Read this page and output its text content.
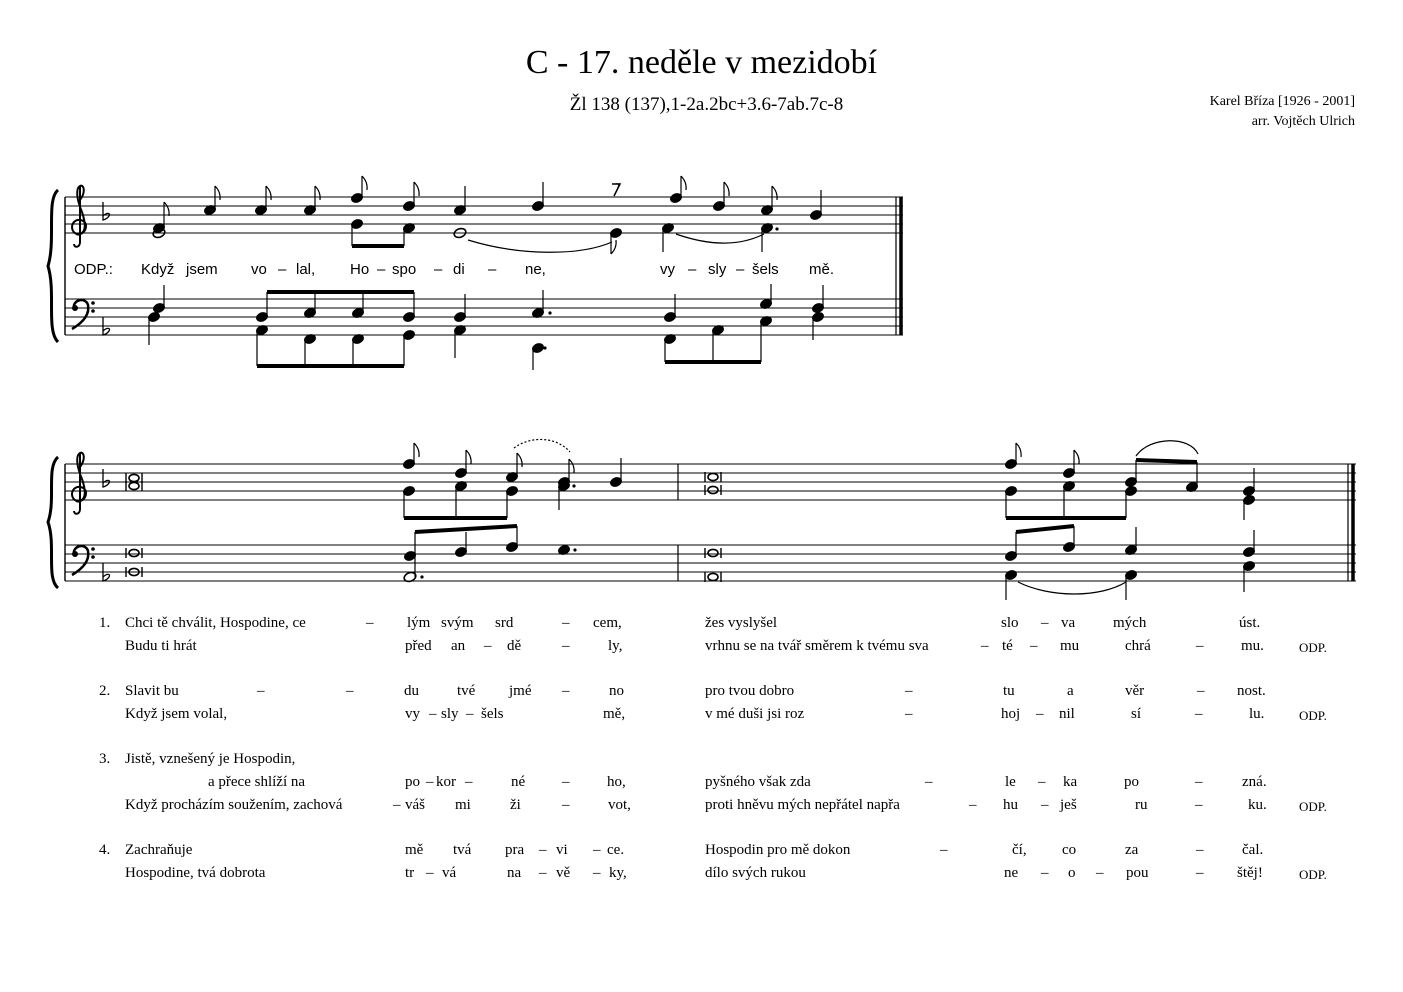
C - 17. neděle v mezidobí
Žl 138 (137),1-2a.2bc+3.6-7ab.7c-8	Karel Bříza [1926 - 2001]
arr. Vojtěch Ulrich
𝄾
ODP.: Když jsem vo – lal, Ho – spo – di – ne,	vy – sly – šels mě.
1. Chci tě chválit, Hospodine, ce	– lým svým srd	– cem,	žes vyslyšel	slo – va	mých	úst.
Budu ti hrát	před an – dě	–	ly,	vrhnu se na tvář směrem k tvému sva	– té – mu	chrá	–	mu.	ODP.
2. Slavit bu	–	–	du	tvé jmé –	no	pro tvou dobro	–	tu	a	věr	– nost.
Když jsem volal,	vy – sly – šels	mě,	v mé duši jsi roz	–	hoj – nil	sí	–	lu.	ODP.
3. Jistě, vznešený je Hospodin,
a přece shlíží na	po – kor –	né –	ho,	pyšného však zda	–	le – ka	po	–	zná.
Když procházím soužením, zachová	– váš mi	ži	–	vot,	proti hněvu mých nepřátel napřa	– hu – ješ	ru	–	ku. ODP.
4. Zachraňuje	mě tvá pra – vi – ce.	Hospodin pro mě dokon	–	čí, co	za	–	čal.
Hospodine, tvá dobrota	tr – vá	na – vě – ky,	dílo svých rukou	ne – o – pou	– štěj!	ODP.
